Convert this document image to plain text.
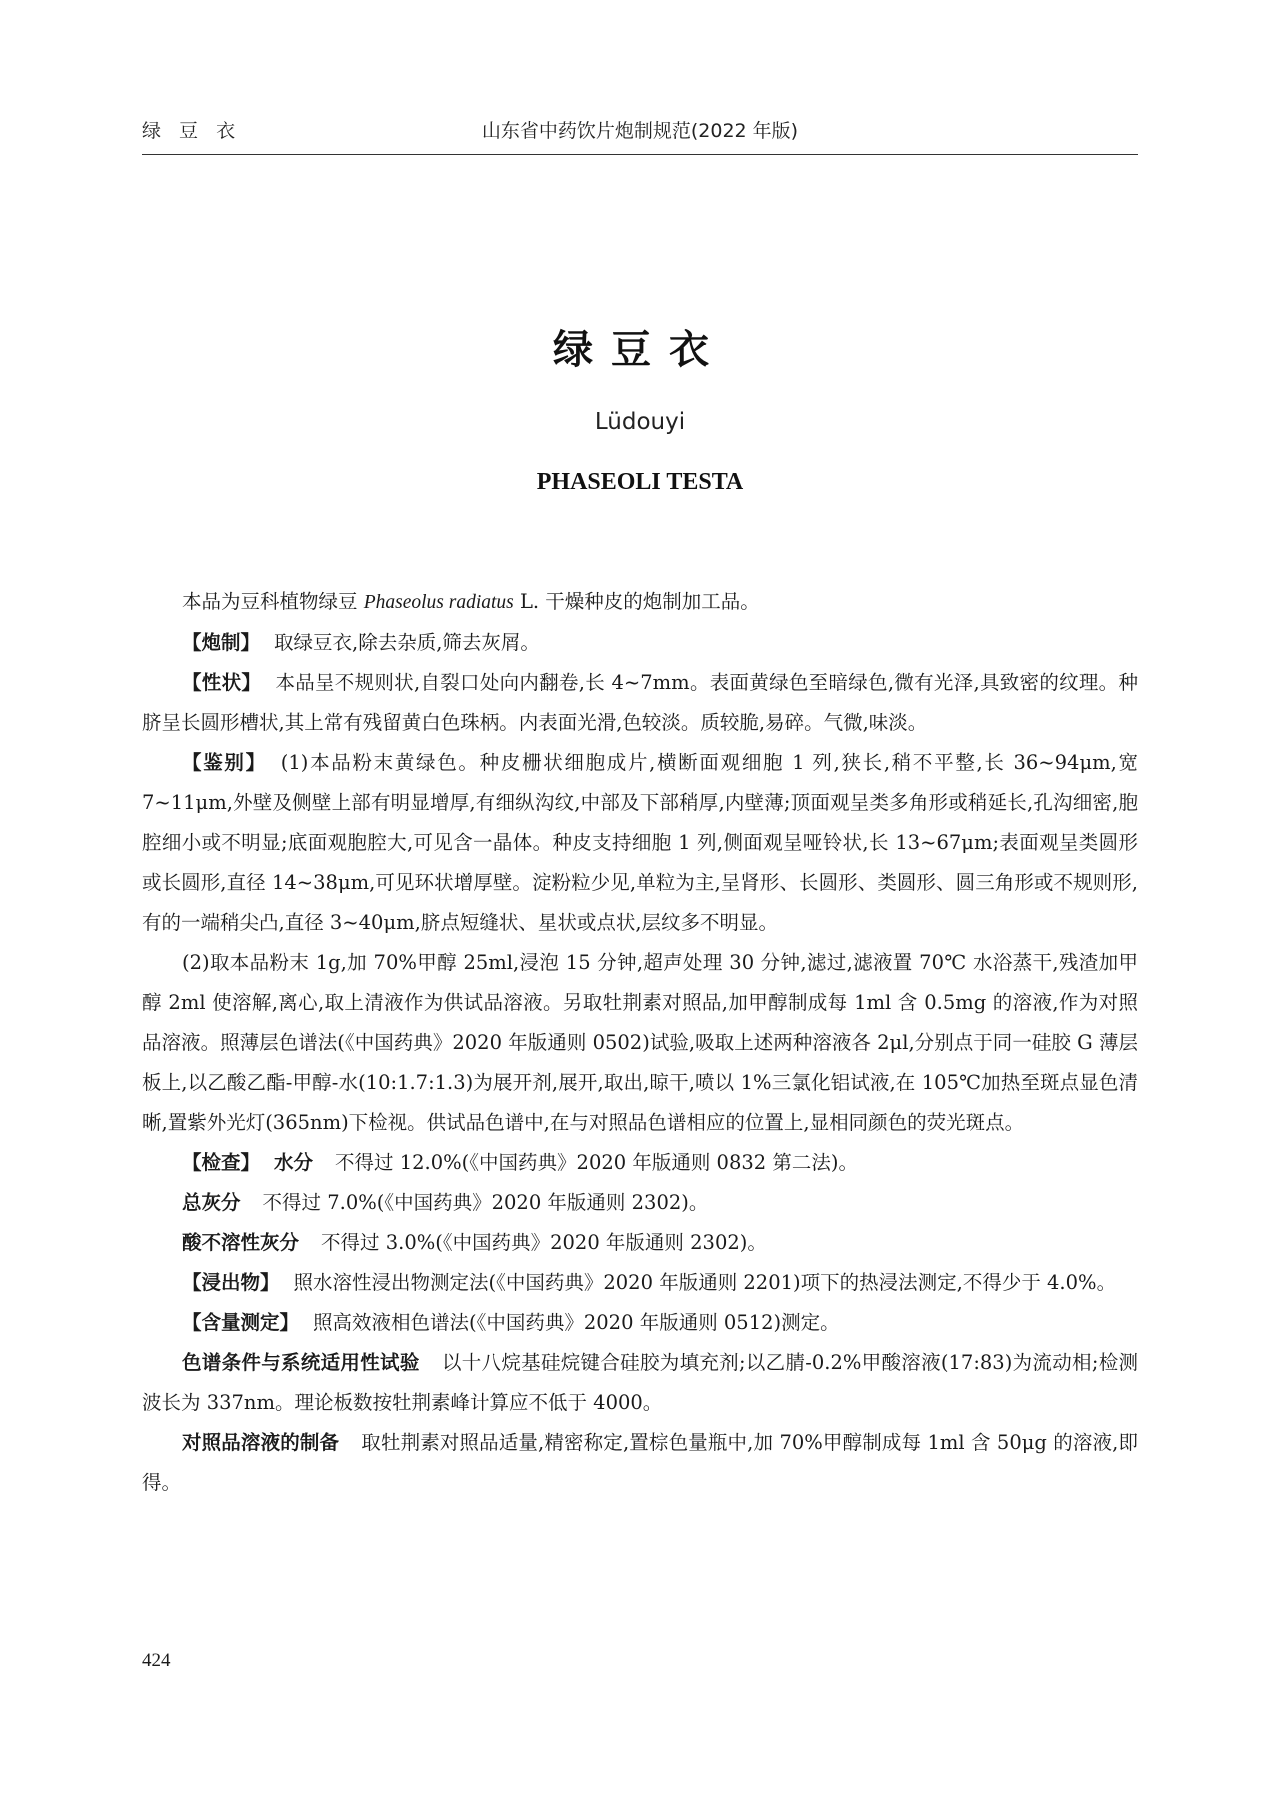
绿 豆 衣	山东省中药饮片炮制规范(2022 年版)
绿豆衣
Lüdouyi
PHASEOLI TESTA

本品为豆科植物绿豆 Phaseolus radiatus L. 干燥种皮的炮制加工品。

【炮制】 取绿豆衣,除去杂质,筛去灰屑。

【性状】 本品呈不规则状,自裂口处向内翻卷,长 4~7mm。表面黄绿色至暗绿色,微有光泽,具致密的纹理。种脐呈长圆形槽状,其上常有残留黄白色珠柄。内表面光滑,色较淡。质较脆,易碎。气微,味淡。

【鉴别】 (1)本品粉末黄绿色。种皮栅状细胞成片,横断面观细胞 1 列,狭长,稍不平整,长 36~94μm,宽 7~11μm,外壁及侧壁上部有明显增厚,有细纵沟纹,中部及下部稍厚,内壁薄;顶面观呈类多角形或稍延长,孔沟细密,胞腔细小或不明显;底面观胞腔大,可见含一晶体。种皮支持细胞 1 列,侧面观呈哑铃状,长 13~67μm;表面观呈类圆形或长圆形,直径 14~38μm,可见环状增厚壁。淀粉粒少见,单粒为主,呈肾形、长圆形、类圆形、圆三角形或不规则形,有的一端稍尖凸,直径 3~40μm,脐点短缝状、星状或点状,层纹多不明显。

(2)取本品粉末 1g,加 70%甲醇 25ml,浸泡 15 分钟,超声处理 30 分钟,滤过,滤液置 70℃ 水浴蒸干,残渣加甲醇 2ml 使溶解,离心,取上清液作为供试品溶液。另取牡荆素对照品,加甲醇制成每 1ml 含 0.5mg 的溶液,作为对照品溶液。照薄层色谱法(《中国药典》2020 年版通则 0502)试验,吸取上述两种溶液各 2μl,分别点于同一硅胶 G 薄层板上,以乙酸乙酯-甲醇-水(10:1.7:1.3)为展开剂,展开,取出,晾干,喷以 1%三氯化铝试液,在 105℃加热至斑点显色清晰,置紫外光灯(365nm)下检视。供试品色谱中,在与对照品色谱相应的位置上,显相同颜色的荧光斑点。

【检查】 水分 不得过 12.0%(《中国药典》2020 年版通则 0832 第二法)。

总灰分 不得过 7.0%(《中国药典》2020 年版通则 2302)。

酸不溶性灰分 不得过 3.0%(《中国药典》2020 年版通则 2302)。

【浸出物】 照水溶性浸出物测定法(《中国药典》2020 年版通则 2201)项下的热浸法测定,不得少于 4.0%。

【含量测定】 照高效液相色谱法(《中国药典》2020 年版通则 0512)测定。

色谱条件与系统适用性试验 以十八烷基硅烷键合硅胶为填充剂;以乙腈-0.2%甲酸溶液(17:83)为流动相;检测波长为 337nm。理论板数按牡荆素峰计算应不低于 4000。

对照品溶液的制备 取牡荆素对照品适量,精密称定,置棕色量瓶中,加 70%甲醇制成每 1ml 含 50μg 的溶液,即得。

424
